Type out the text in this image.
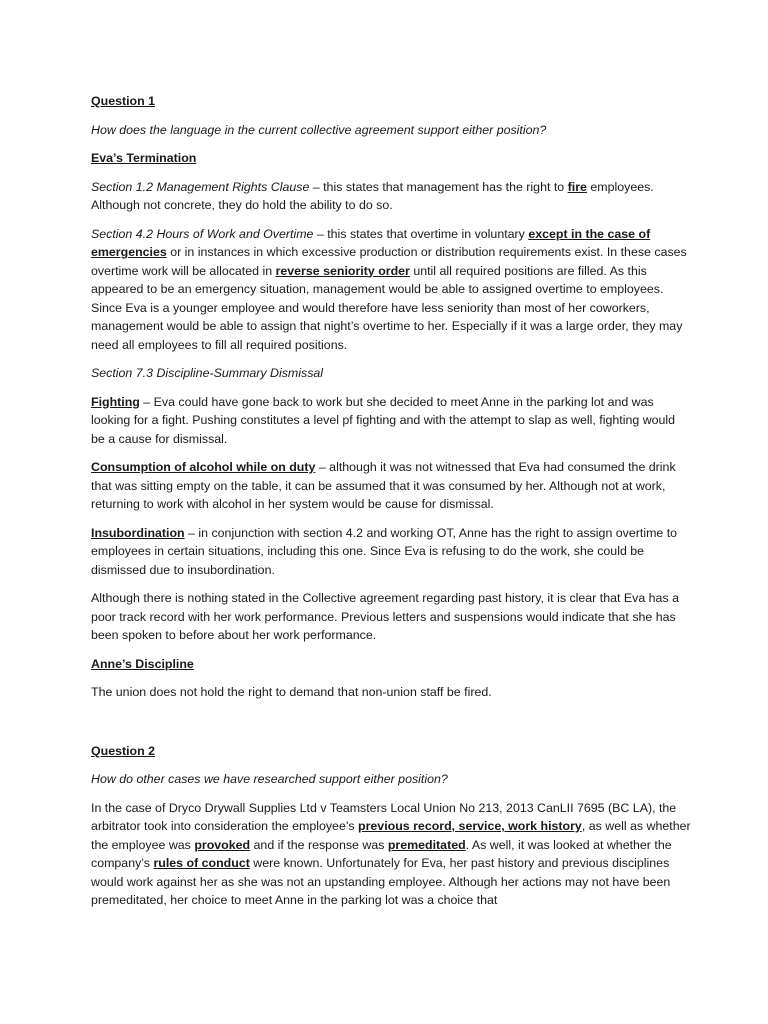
Question 1

How does the language in the current collective agreement support either position?

Eva’s Termination

Section 1.2 Management Rights Clause – this states that management has the right to fire employees. Although not concrete, they do hold the ability to do so.

Section 4.2 Hours of Work and Overtime – this states that overtime in voluntary except in the case of emergencies or in instances in which excessive production or distribution requirements exist. In these cases overtime work will be allocated in reverse seniority order until all required positions are filled. As this appeared to be an emergency situation, management would be able to assigned overtime to employees. Since Eva is a younger employee and would therefore have less seniority than most of her coworkers, management would be able to assign that night’s overtime to her. Especially if it was a large order, they may need all employees to fill all required positions.

Section 7.3 Discipline-Summary Dismissal

Fighting – Eva could have gone back to work but she decided to meet Anne in the parking lot and was looking for a fight. Pushing constitutes a level pf fighting and with the attempt to slap as well, fighting would be a cause for dismissal.

Consumption of alcohol while on duty – although it was not witnessed that Eva had consumed the drink that was sitting empty on the table, it can be assumed that it was consumed by her. Although not at work, returning to work with alcohol in her system would be cause for dismissal.

Insubordination – in conjunction with section 4.2 and working OT, Anne has the right to assign overtime to employees in certain situations, including this one. Since Eva is refusing to do the work, she could be dismissed due to insubordination.

Although there is nothing stated in the Collective agreement regarding past history, it is clear that Eva has a poor track record with her work performance. Previous letters and suspensions would indicate that she has been spoken to before about her work performance.

Anne’s Discipline

The union does not hold the right to demand that non-union staff be fired.

Question 2

How do other cases we have researched support either position?

In the case of Dryco Drywall Supplies Ltd v Teamsters Local Union No 213, 2013 CanLII 7695 (BC LA), the arbitrator took into consideration the employee’s previous record, service, work history, as well as whether the employee was provoked and if the response was premeditated. As well, it was looked at whether the company’s rules of conduct were known. Unfortunately for Eva, her past history and previous disciplines would work against her as she was not an upstanding employee. Although her actions may not have been premeditated, her choice to meet Anne in the parking lot was a choice that
